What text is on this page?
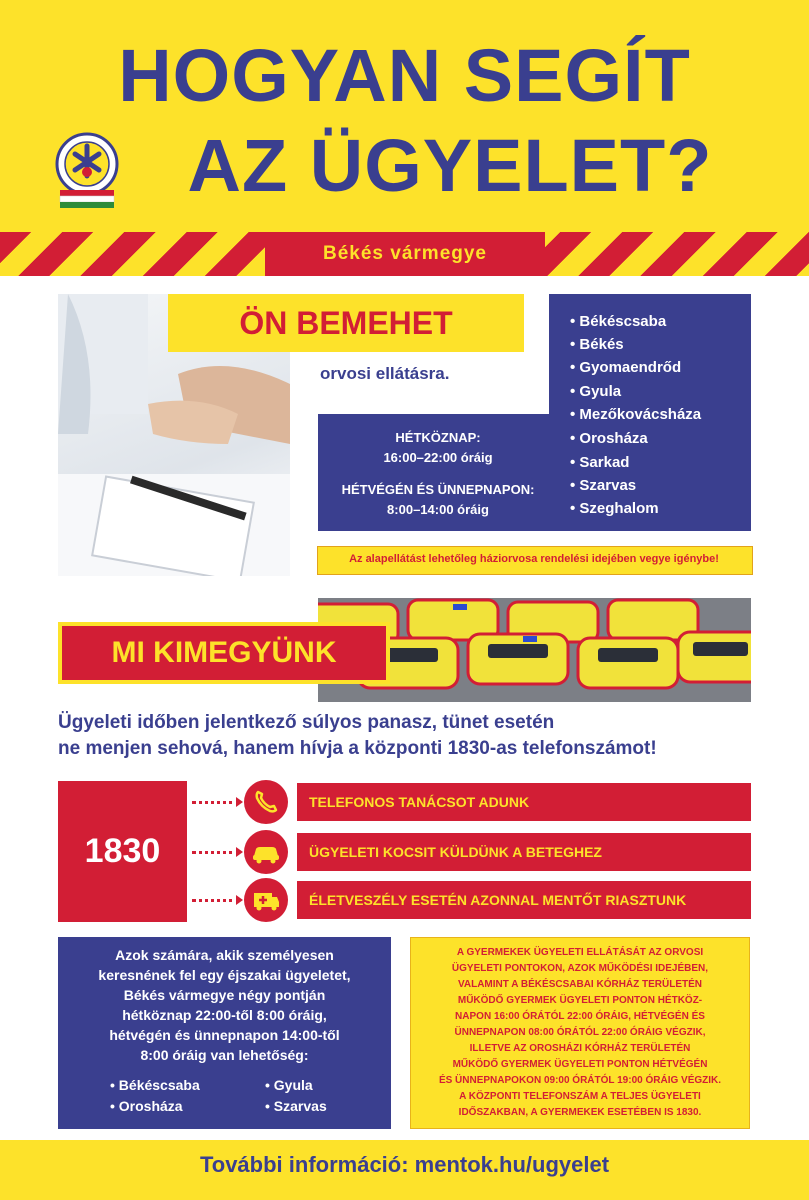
HOGYAN SEGÍT
AZ ÜGYELET?
Békés vármegye
ÖN BEMEHET
orvosi ellátásra.
HÉTKÖZNAP:
16:00–22:00 óráig
HÉTVÉGÉN ÉS ÜNNEPNAPON:
8:00–14:00 óráig
• Békéscsaba
• Békés
• Gyomaendrőd
• Gyula
• Mezőkovácsháza
• Orosháza
• Sarkad
• Szarvas
• Szeghalom
Az alapellátást lehetőleg háziorvosa rendelési idejében vegye igénybe!
MI KIMEGYÜNK
Ügyeleti időben jelentkező súlyos panasz, tünet esetén
ne menjen sehová, hanem hívja a központi 1830-as telefonszámot!
1830
TELEFONOS TANÁCSOT ADUNK
ÜGYELETI KOCSIT KÜLDÜNK A BETEGHEZ
ÉLETVESZÉLY ESETÉN AZONNAL MENTŐT RIASZTUNK
Azok számára, akik személyesen
keresnének fel egy éjszakai ügyeletet,
Békés vármegye négy pontján
hétköznap 22:00-től 8:00 óráig,
hétvégén és ünnepnapon 14:00-től
8:00 óráig van lehetőség:
• Békéscsaba	• Gyula
• Orosháza	• Szarvas
A GYERMEKEK ÜGYELETI ELLÁTÁSÁT AZ ORVOSI
ÜGYELETI PONTOKON, AZOK MŰKÖDÉSI IDEJÉBEN,
VALAMINT A BÉKÉSCSABAI KÓRHÁZ TERÜLETÉN
MŰKÖDŐ GYERMEK ÜGYELETI PONTON HÉTKÖZ-
NAPON 16:00 ÓRÁTÓL 22:00 ÓRÁIG, HÉTVÉGÉN ÉS
ÜNNEPNAPON 08:00 ÓRÁTÓL 22:00 ÓRÁIG VÉGZIK,
ILLETVE AZ OROSHÁZI KÓRHÁZ TERÜLETÉN
MŰKÖDŐ GYERMEK ÜGYELETI PONTON HÉTVÉGÉN
ÉS ÜNNEPNAPOKON 09:00 ÓRÁTÓL 19:00 ÓRÁIG VÉGZIK.
A KÖZPONTI TELEFONSZÁM A TELJES ÜGYELETI
IDŐSZAKBAN, A GYERMEKEK ESETÉBEN IS 1830.
További információ: mentok.hu/ugyelet
